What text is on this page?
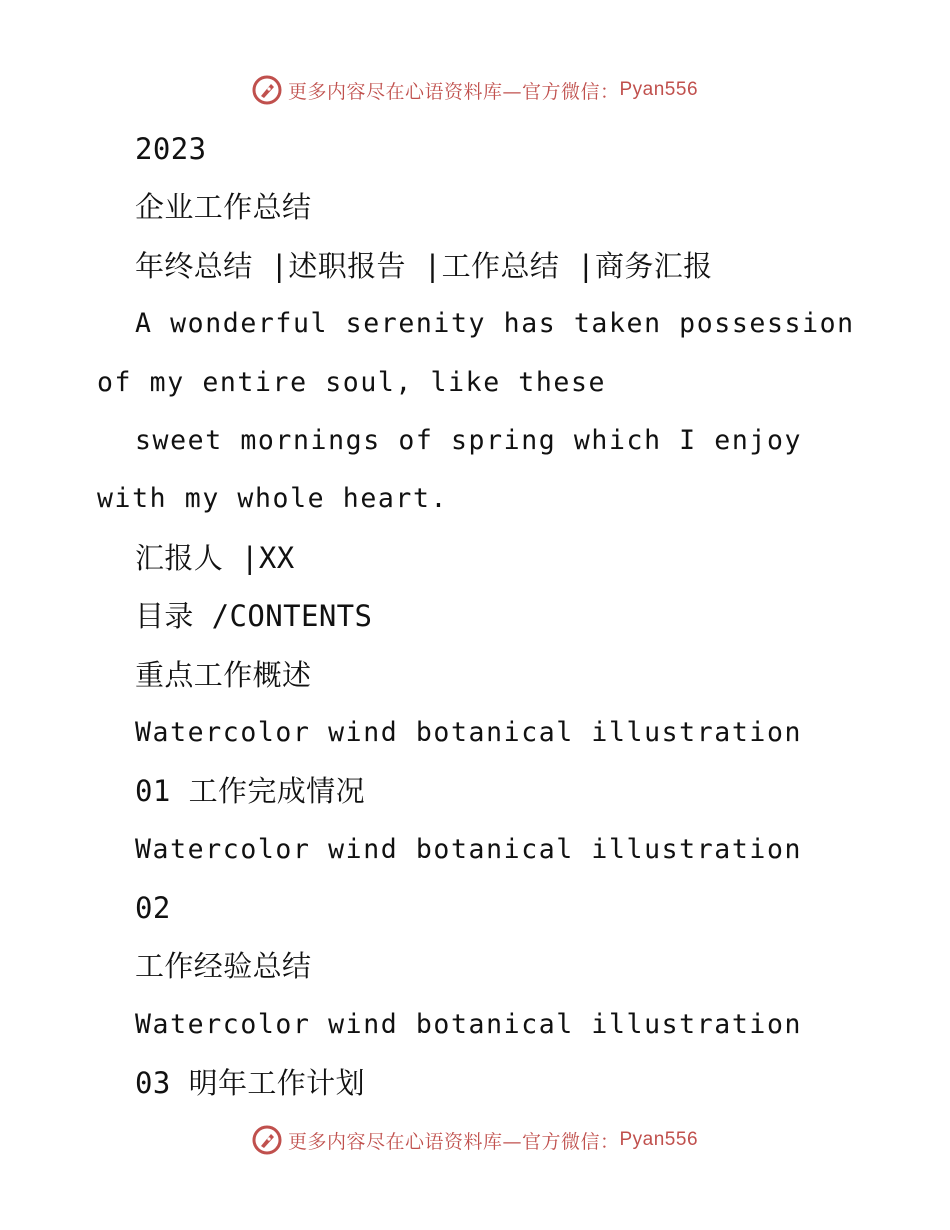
更多内容尽在心语资料库—官方微信： Pyan556
2023
企业工作总结
年终总结 |述职报告 |工作总结 |商务汇报
A wonderful serenity has taken possession
of my entire soul, like these
sweet mornings of spring which I enjoy
with my whole heart.
汇报人 |XX
目录 /CONTENTS
重点工作概述
Watercolor wind botanical illustration
01 工作完成情况
Watercolor wind botanical illustration
02
工作经验总结
Watercolor wind botanical illustration
03 明年工作计划
更多内容尽在心语资料库—官方微信： Pyan556
